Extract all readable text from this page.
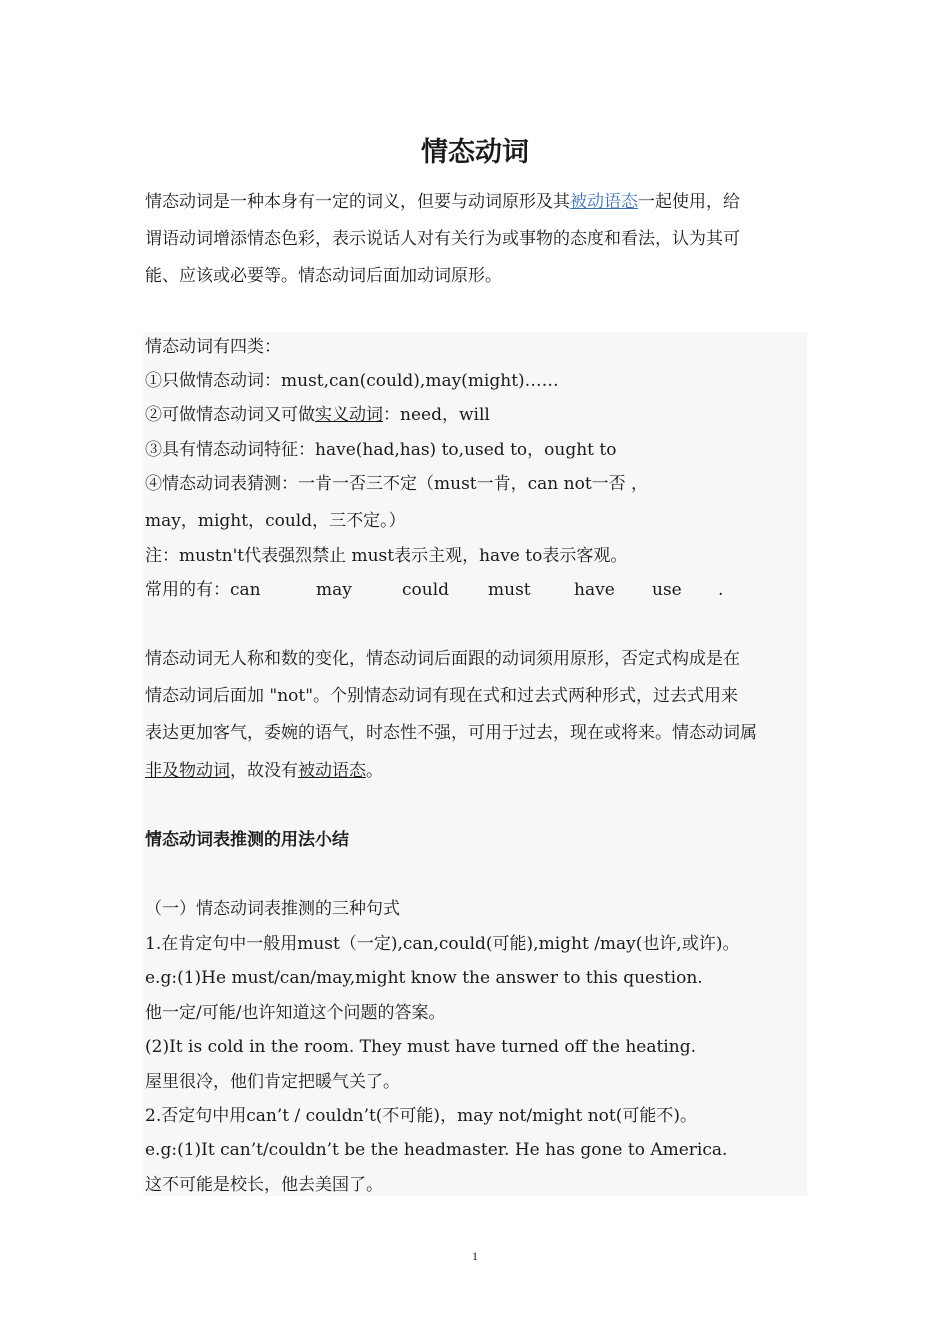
情态动词
情态动词是一种本身有一定的词义，但要与动词原形及其被动语态一起使用，给
谓语动词增添情态色彩，表示说话人对有关行为或事物的态度和看法，认为其可
能、应该或必要等。情态动词后面加动词原形。
情态动词有四类：
①只做情态动词：must,can(could),may(might)……
②可做情态动词又可做实义动词：need，will
③具有情态动词特征：have(had,has) to,used to，ought to
④情态动词表猜测：一肯一否三不定（must一肯，can not一否 ，
may，might，could，三不定。）
注：mustn't代表强烈禁止 must表示主观，have to表示客观。
常用的有：can	may	could must	have use .
情态动词无人称和数的变化，情态动词后面跟的动词须用原形，否定式构成是在
情态动词后面加 "not"。个别情态动词有现在式和过去式两种形式，过去式用来
表达更加客气，委婉的语气，时态性不强，可用于过去，现在或将来。情态动词属
非及物动词，故没有被动语态。
情态动词表推测的用法小结
（一）情态动词表推测的三种句式
1.在肯定句中一般用must（一定),can,could(可能),might /may(也许,或许)。
e.g:(1)He must/can/may,might know the answer to this question.
他一定/可能/也许知道这个问题的答案。
(2)It is cold in the room. They must have turned off the heating.
屋里很冷，他们肯定把暖气关了。
2.否定句中用can’t / couldn’t(不可能)，may not/might not(可能不)。
e.g:(1)It can’t/couldn’t be the headmaster. He has gone to America.
这不可能是校长，他去美国了。
1
